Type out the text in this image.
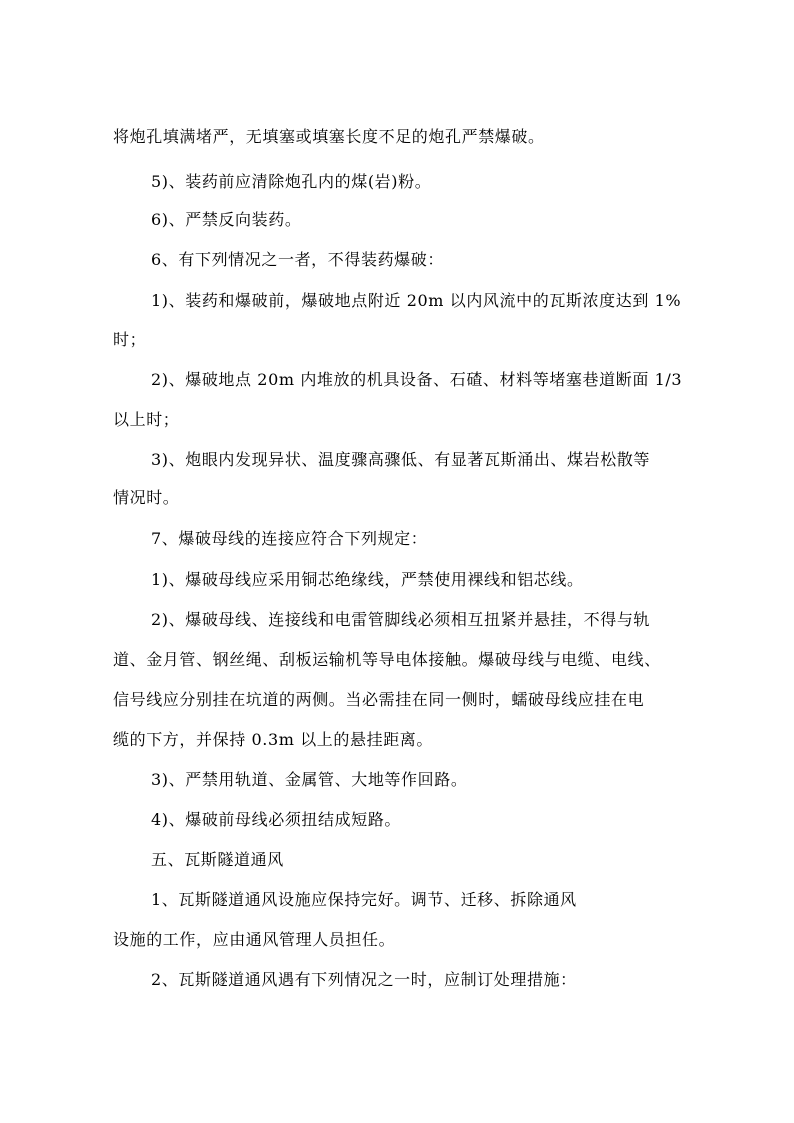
将炮孔填满堵严，无填塞或填塞长度不足的炮孔严禁爆破。
5)、装药前应清除炮孔内的煤(岩)粉。
6)、严禁反向装药。
6、有下列情况之一者，不得装药爆破：
1)、装药和爆破前，爆破地点附近 20m 以内风流中的瓦斯浓度达到 1%
时；
2)、爆破地点 20m 内堆放的机具设备、石碴、材料等堵塞巷道断面 1/3
以上时；
3)、炮眼内发现异状、温度骤高骤低、有显著瓦斯涌出、煤岩松散等
情况时。
7、爆破母线的连接应符合下列规定：
1)、爆破母线应采用铜芯绝缘线，严禁使用裸线和铝芯线。
2)、爆破母线、连接线和电雷管脚线必须相互扭紧并悬挂，不得与轨
道、金月管、钢丝绳、刮板运输机等导电体接触。爆破母线与电缆、电线、
信号线应分别挂在坑道的两侧。当必需挂在同一侧时，蠕破母线应挂在电
缆的下方，并保持 0.3m 以上的悬挂距离。
3)、严禁用轨道、金属管、大地等作回路。
4)、爆破前母线必须扭结成短路。
五、瓦斯隧道通风
1、瓦斯隧道通风设施应保持完好。调节、迁移、拆除通风
设施的工作，应由通风管理人员担任。
2、瓦斯隧道通风遇有下列情况之一时，应制订处理措施：
